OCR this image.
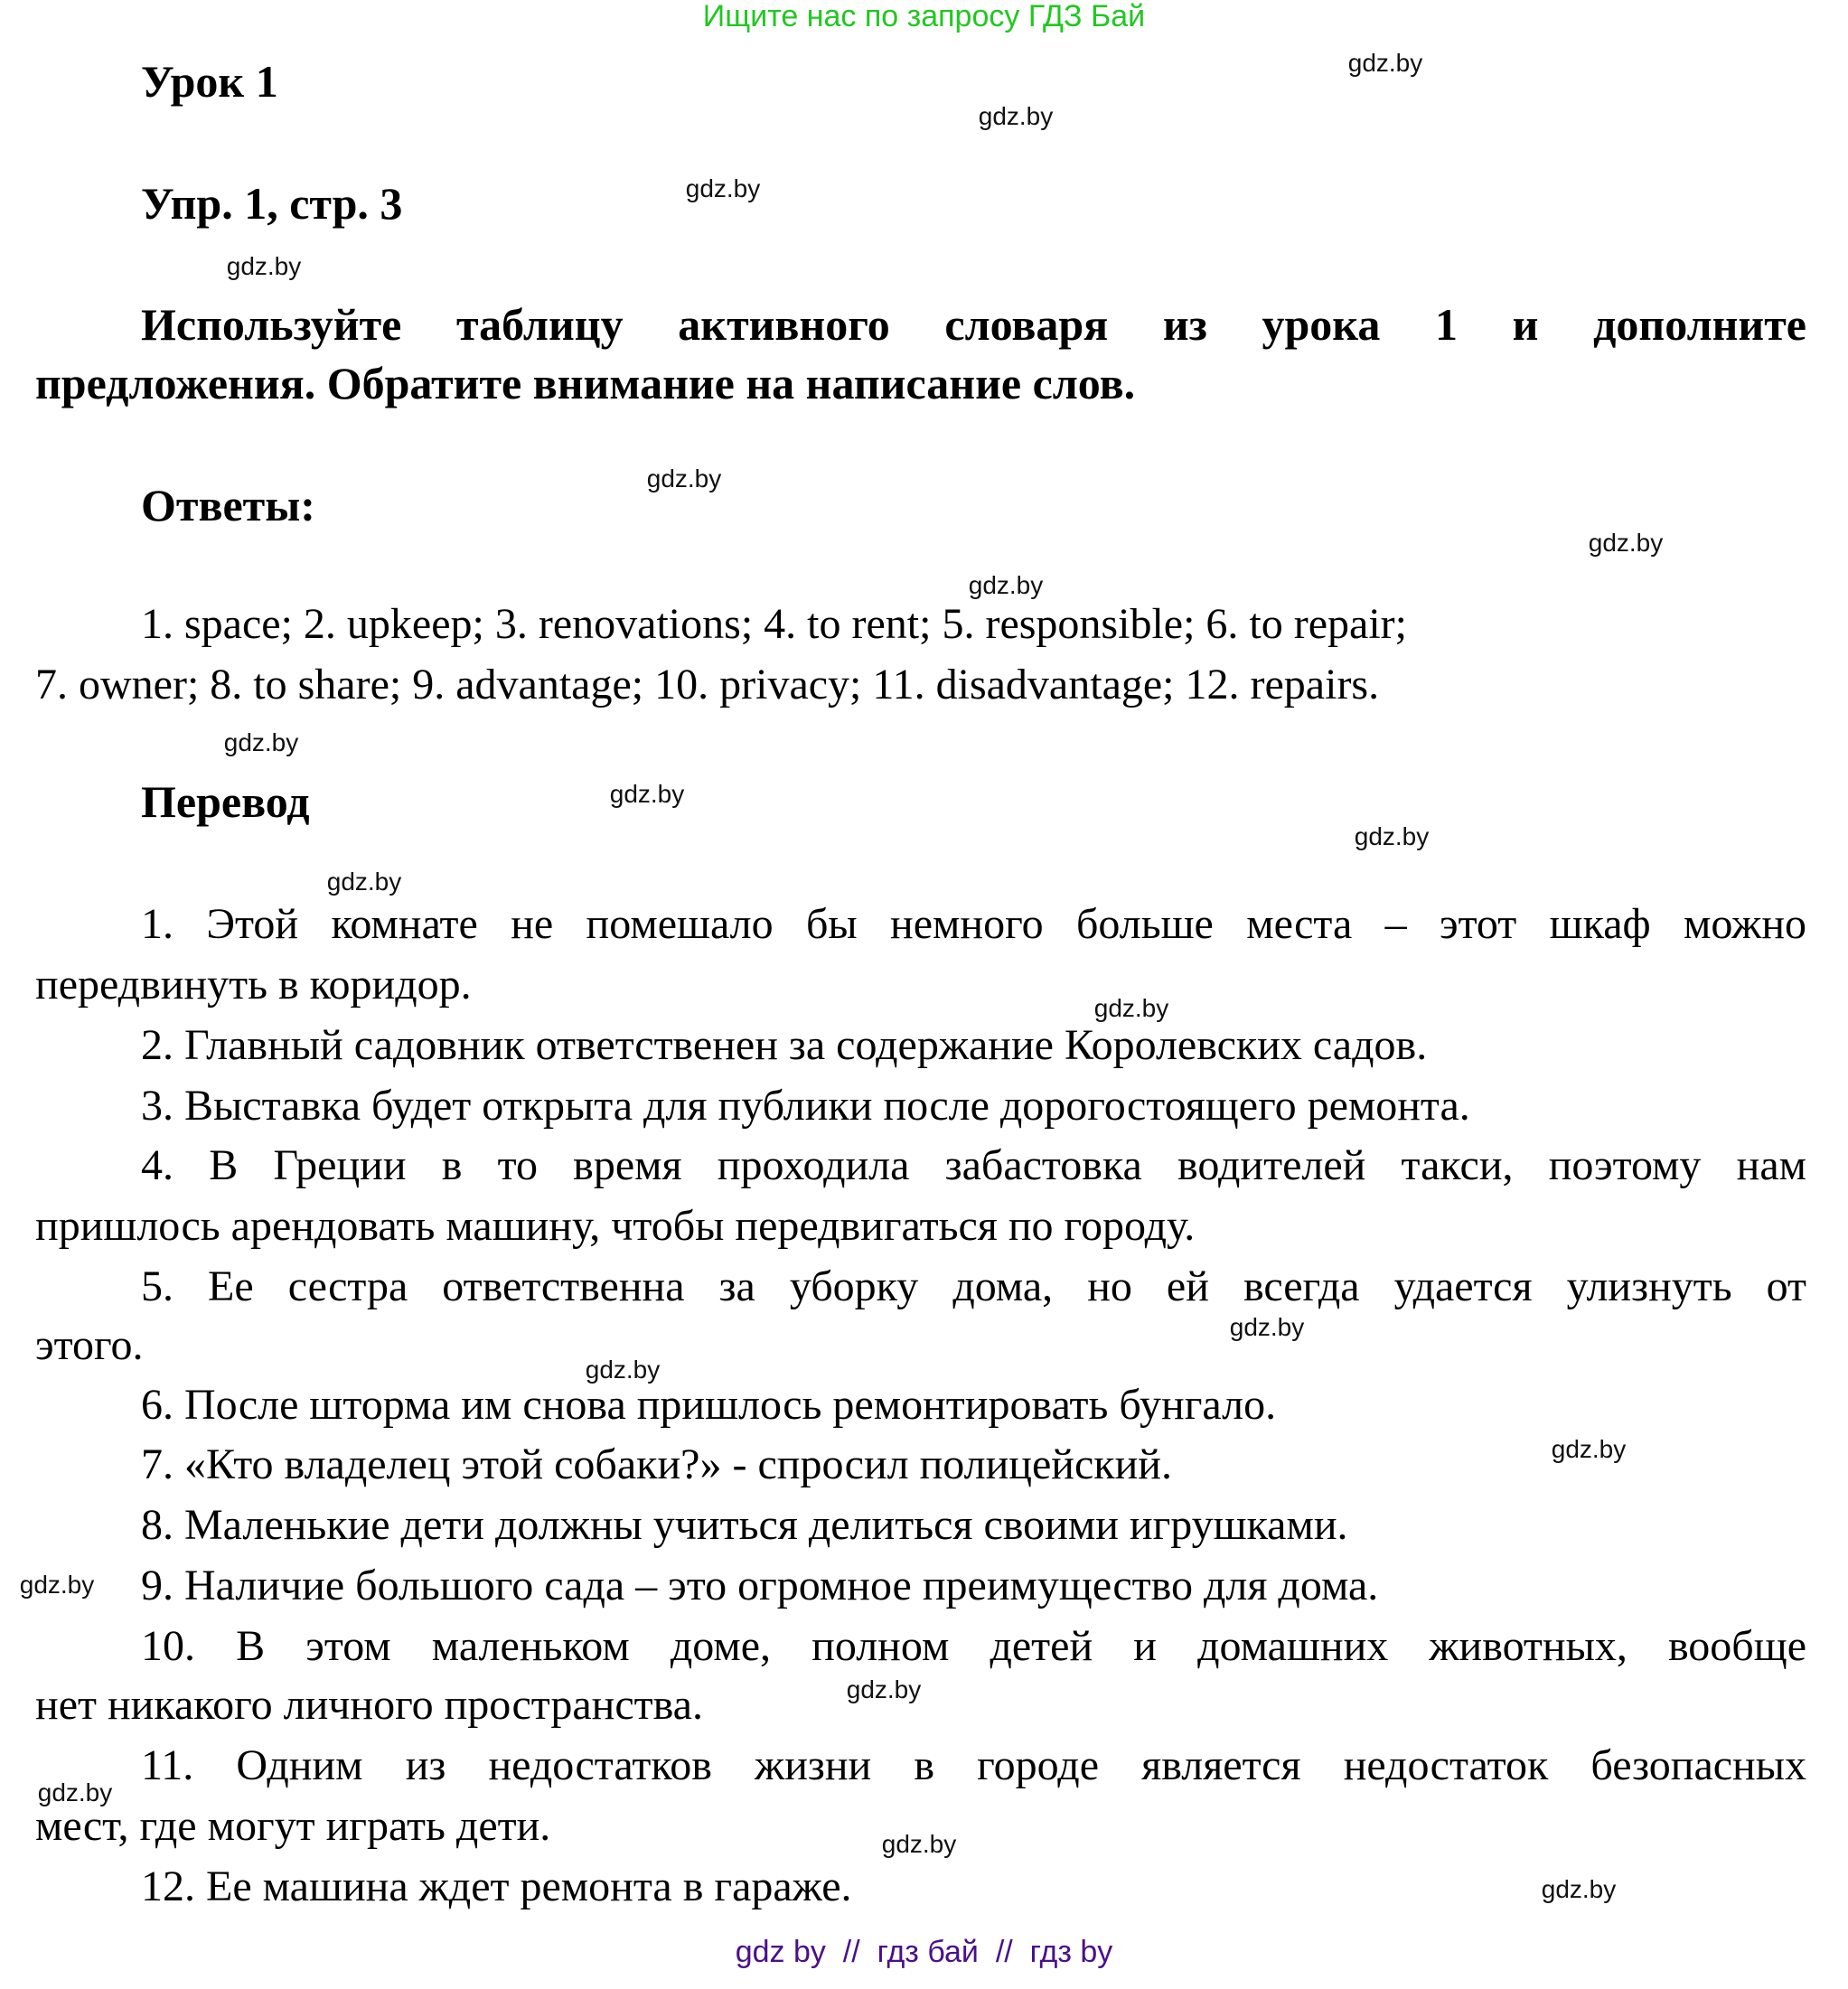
Ищите нас по запросу ГДЗ Бай
Урок 1
Упр. 1, стр. 3
Используйте таблицу активного словаря из урока 1 и дополните
предложения. Обратите внимание на написание слов.
Ответы:
1. space; 2. upkeep; 3. renovations; 4. to rent; 5. responsible; 6. to repair;
7. owner; 8. to share; 9. advantage; 10. privacy; 11. disadvantage; 12. repairs.
Перевод
1. Этой комнате не помешало бы немного больше места – этот шкаф можно
передвинуть в коридор.
2. Главный садовник ответственен за содержание Королевских садов.
3. Выставка будет открыта для публики после дорогостоящего ремонта.
4. В Греции в то время проходила забастовка водителей такси, поэтому нам
пришлось арендовать машину, чтобы передвигаться по городу.
5. Ее сестра ответственна за уборку дома, но ей всегда удается улизнуть от
этого.
6. После шторма им снова пришлось ремонтировать бунгало.
7. «Кто владелец этой собаки?» - спросил полицейский.
8. Маленькие дети должны учиться делиться своими игрушками.
9. Наличие большого сада – это огромное преимущество для дома.
10. В этом маленьком доме, полном детей и домашних животных, вообще
нет никакого личного пространства.
11. Одним из недостатков жизни в городе является недостаток безопасных
мест, где могут играть дети.
12. Ее машина ждет ремонта в гараже.
gdz.by
gdz.by
gdz.by
gdz.by
gdz.by
gdz.by
gdz.by
gdz.by
gdz.by
gdz.by
gdz.by
gdz.by
gdz.by
gdz.by
gdz.by
gdz.by
gdz.by
gdz.by
gdz.by
gdz.by
gdz by  //  гдз бай  //  гдз by
